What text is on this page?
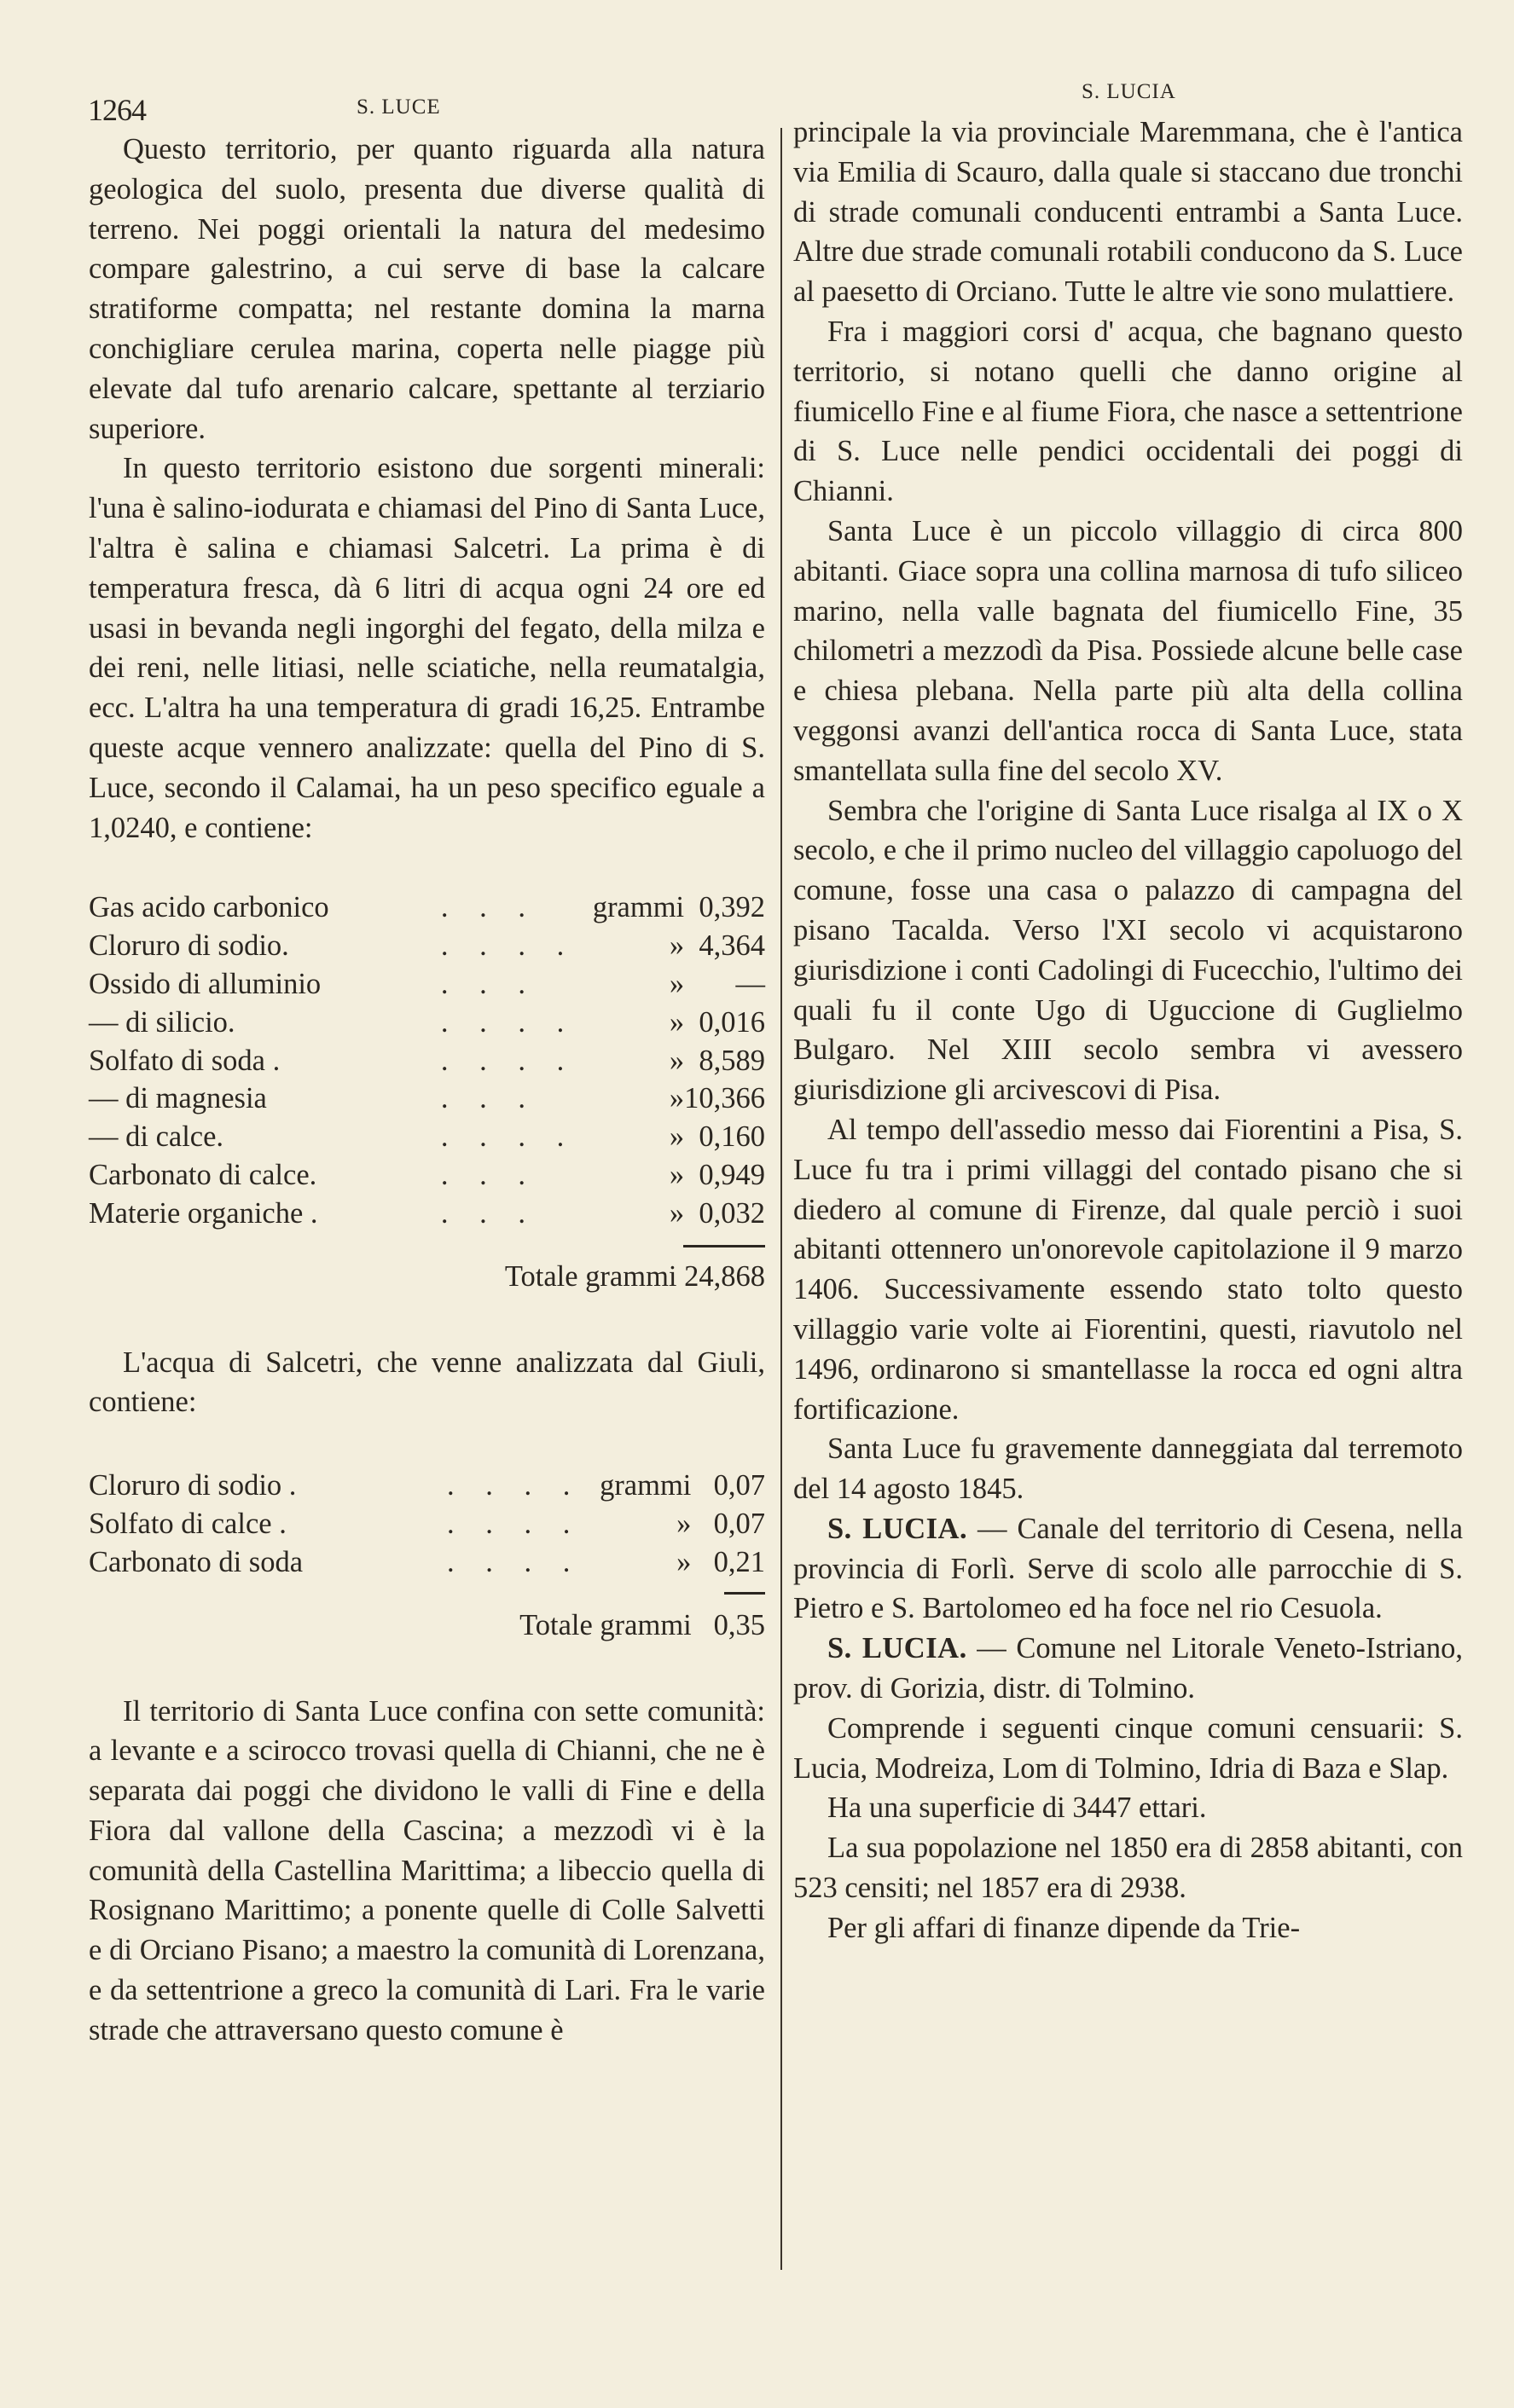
1264	S. LUCE
S. LUCIA

Questo territorio, per quanto riguarda alla natura geologica del suolo, presenta due diverse qualità di terreno. Nei poggi orientali la natura del medesimo compare galestrino, a cui serve di base la calcare stratiforme compatta; nel restante domina la marna conchigliare cerulea marina, coperta nelle piagge più elevate dal tufo arenario calcare, spettante al terziario superiore.

In questo territorio esistono due sorgenti minerali: l'una è salino-iodurata e chiamasi del Pino di Santa Luce, l'altra è salina e chiamasi Salcetri. La prima è di temperatura fresca, dà 6 litri di acqua ogni 24 ore ed usasi in bevanda negli ingorghi del fegato, della milza e dei reni, nelle litiasi, nelle sciatiche, nella reumatalgia, ecc. L'altra ha una temperatura di gradi 16,25. Entrambe queste acque vennero analizzate: quella del Pino di S. Luce, secondo il Calamai, ha un peso specifico eguale a 1,0240, e contiene:

Gas acido carbonico	. . .	grammi	0,392
Cloruro di sodio.	. . . .	»	4,364
Ossido di alluminio	. . .	»	—
— di silicio.	. . . .	»	0,016
Solfato di soda .	. . . .	»	8,589
— di magnesia	. . .	»	10,366
— di calce.	. . . .	»	0,160
Carbonato di calce.	. . .	»	0,949
Materie organiche .	. . .	»	0,032
Totale grammi 24,868

L'acqua di Salcetri, che venne analizzata dal Giuli, contiene:

Cloruro di sodio .	. . . .	grammi	0,07
Solfato di calce .	. . . .	»	0,07
Carbonato di soda	. . . .	»	0,21
Totale grammi 0,35

Il territorio di Santa Luce confina con sette comunità: a levante e a scirocco trovasi quella di Chianni, che ne è separata dai poggi che dividono le valli di Fine e della Fiora dal vallone della Cascina; a mezzodì vi è la comunità della Castellina Marittima; a libeccio quella di Rosignano Marittimo; a ponente quelle di Colle Salvetti e di Orciano Pisano; a maestro la comunità di Lorenzana, e da settentrione a greco la comunità di Lari. Fra le varie strade che attraversano questo comune è

principale la via provinciale Maremmana, che è l'antica via Emilia di Scauro, dalla quale si staccano due tronchi di strade comunali conducenti entrambi a Santa Luce. Altre due strade comunali rotabili conducono da S. Luce al paesetto di Orciano. Tutte le altre vie sono mulattiere.

Fra i maggiori corsi d' acqua, che bagnano questo territorio, si notano quelli che danno origine al fiumicello Fine e al fiume Fiora, che nasce a settentrione di S. Luce nelle pendici occidentali dei poggi di Chianni.

Santa Luce è un piccolo villaggio di circa 800 abitanti. Giace sopra una collina marnosa di tufo siliceo marino, nella valle bagnata del fiumicello Fine, 35 chilometri a mezzodì da Pisa. Possiede alcune belle case e chiesa plebana. Nella parte più alta della collina veggonsi avanzi dell'antica rocca di Santa Luce, stata smantellata sulla fine del secolo XV.

Sembra che l'origine di Santa Luce risalga al IX o X secolo, e che il primo nucleo del villaggio capoluogo del comune, fosse una casa o palazzo di campagna del pisano Tacalda. Verso l'XI secolo vi acquistarono giurisdizione i conti Cadolingi di Fucecchio, l'ultimo dei quali fu il conte Ugo di Uguccione di Guglielmo Bulgaro. Nel XIII secolo sembra vi avessero giurisdizione gli arcivescovi di Pisa.

Al tempo dell'assedio messo dai Fiorentini a Pisa, S. Luce fu tra i primi villaggi del contado pisano che si diedero al comune di Firenze, dal quale perciò i suoi abitanti ottennero un'onorevole capitolazione il 9 marzo 1406. Successivamente essendo stato tolto questo villaggio varie volte ai Fiorentini, questi, riavutolo nel 1496, ordinarono si smantellasse la rocca ed ogni altra fortificazione.

Santa Luce fu gravemente danneggiata dal terremoto del 14 agosto 1845.

S. LUCIA. — Canale del territorio di Cesena, nella provincia di Forlì. Serve di scolo alle parrocchie di S. Pietro e S. Bartolomeo ed ha foce nel rio Cesuola.

S. LUCIA. — Comune nel Litorale Veneto-Istriano, prov. di Gorizia, distr. di Tolmino.

Comprende i seguenti cinque comuni censuarii: S. Lucia, Modreiza, Lom di Tolmino, Idria di Baza e Slap.

Ha una superficie di 3447 ettari.

La sua popolazione nel 1850 era di 2858 abitanti, con 523 censiti; nel 1857 era di 2938.

Per gli affari di finanze dipende da Trie-
